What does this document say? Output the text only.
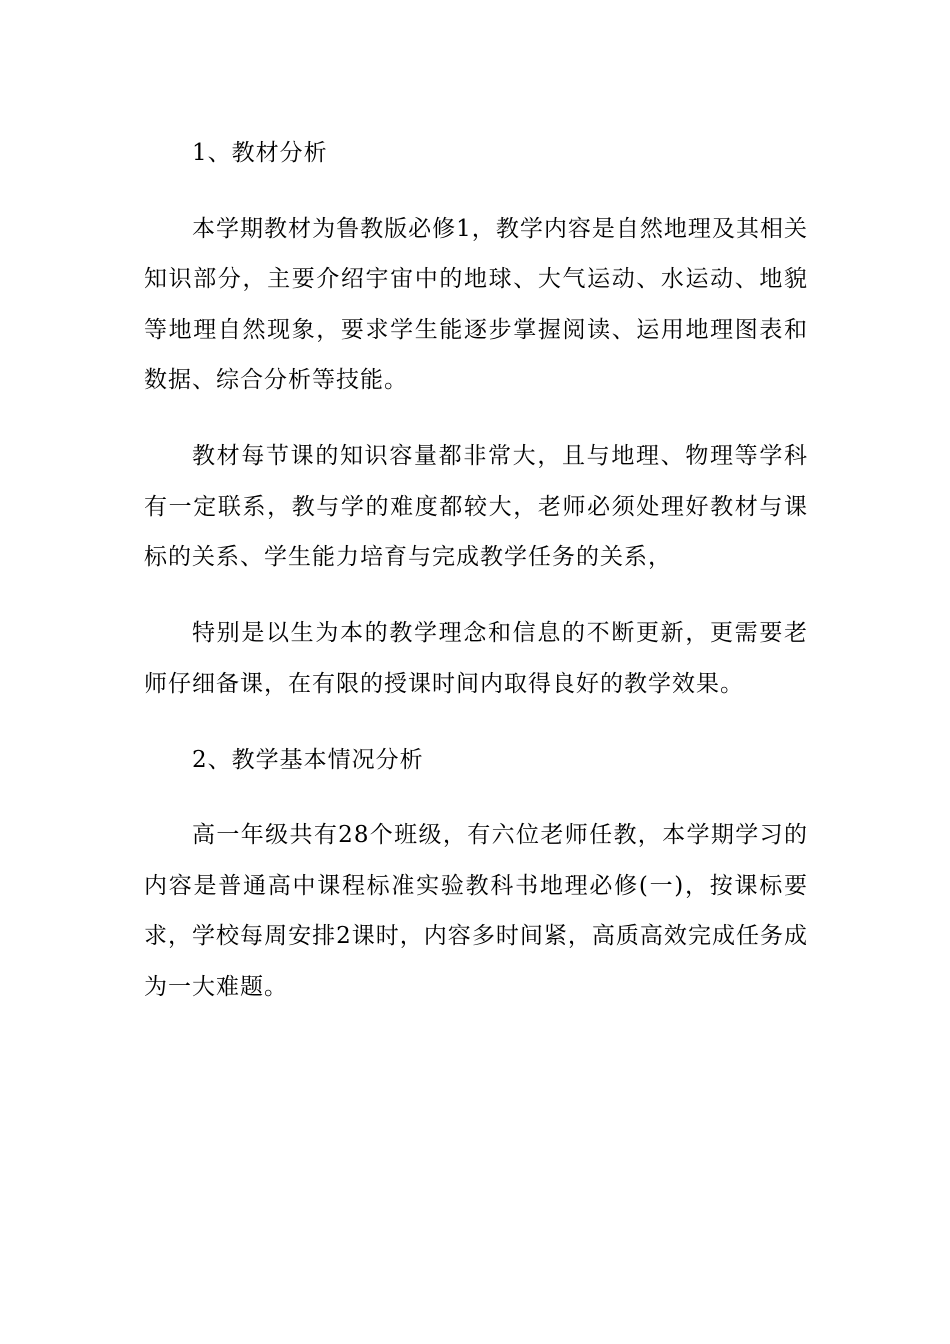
1、教材分析

本学期教材为鲁教版必修1，教学内容是自然地理及其相关知识部分，主要介绍宇宙中的地球、大气运动、水运动、地貌等地理自然现象，要求学生能逐步掌握阅读、运用地理图表和数据、综合分析等技能。

教材每节课的知识容量都非常大，且与地理、物理等学科有一定联系，教与学的难度都较大，老师必须处理好教材与课标的关系、学生能力培育与完成教学任务的关系，

特别是以生为本的教学理念和信息的不断更新，更需要老师仔细备课，在有限的授课时间内取得良好的教学效果。

2、教学基本情况分析

高一年级共有28个班级，有六位老师任教，本学期学习的内容是普通高中课程标准实验教科书地理必修(一)，按课标要求，学校每周安排2课时，内容多时间紧，高质高效完成任务成为一大难题。
